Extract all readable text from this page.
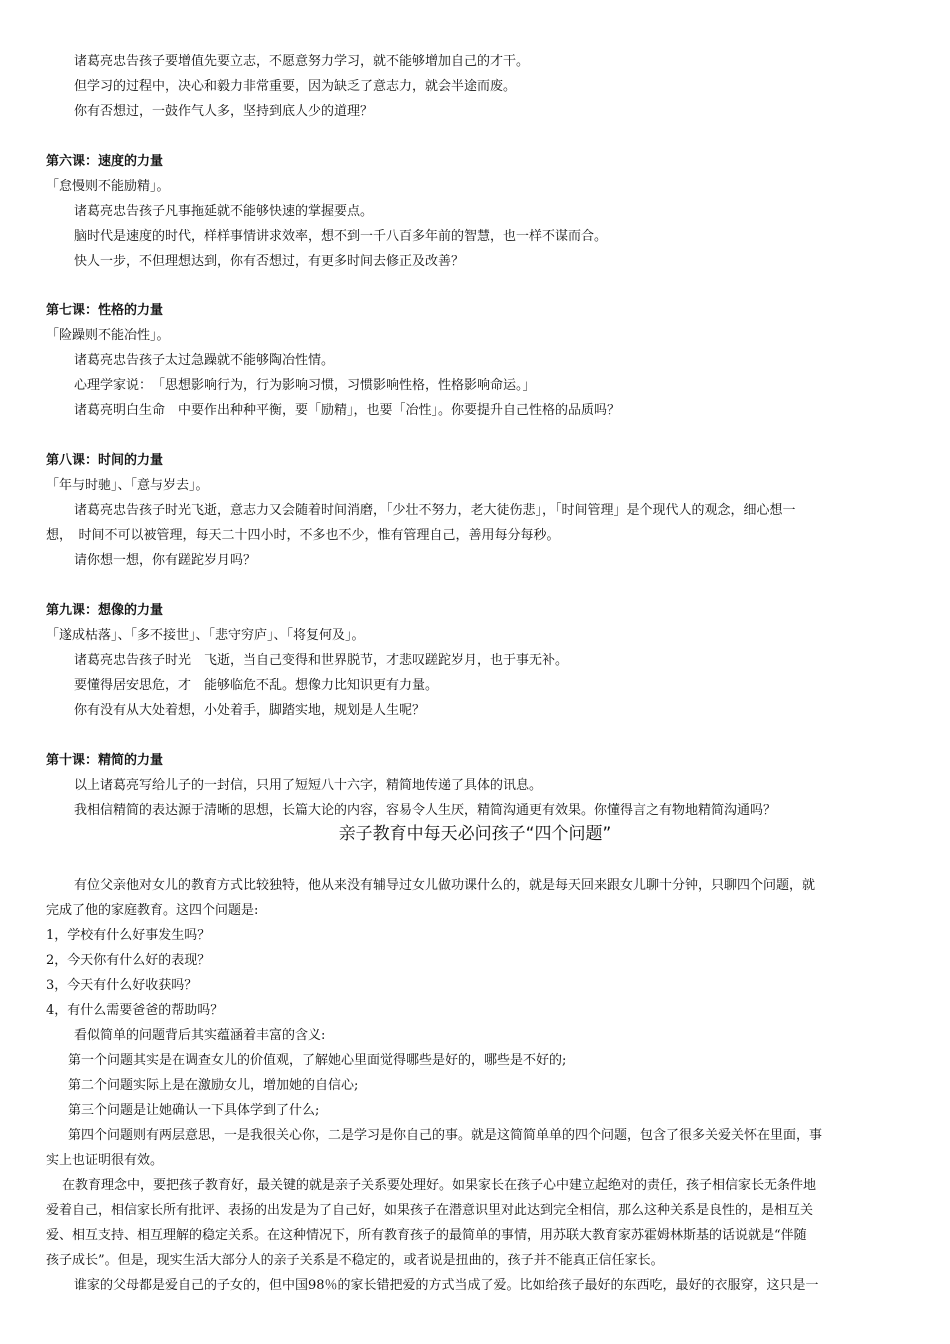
诸葛亮忠告孩子要增值先要立志，不愿意努力学习，就不能够增加自己的才干。
但学习的过程中，决心和毅力非常重要，因为缺乏了意志力，就会半途而废。
你有否想过，一鼓作气人多，坚持到底人少的道理？
第六课：速度的力量
「怠慢则不能励精」。
诸葛亮忠告孩子凡事拖延就不能够快速的掌握要点。
脑时代是速度的时代，样样事情讲求效率，想不到一千八百多年前的智慧，也一样不谋而合。
快人一步，不但理想达到，你有否想过，有更多时间去修正及改善？
第七课：性格的力量
「险躁则不能冶性」。
诸葛亮忠告孩子太过急躁就不能够陶冶性情。
心理学家说：　「思想影响行为，行为影响习惯，习惯影响性格，性格影响命运。」
诸葛亮明白生命　中要作出种种平衡，要「励精」，也要「冶性」。你要提升自己性格的品质吗？
第八课：时间的力量
「年与时驰」、「意与岁去」。
诸葛亮忠告孩子时光飞逝，意志力又会随着时间消磨，「少壮不努力，老大徒伤悲」，「时间管理」是个现代人的观念，细心想一
想，　时间不可以被管理，每天二十四小时，不多也不少，惟有管理自己，善用每分每秒。
请你想一想，你有蹉跎岁月吗？
第九课：想像的力量
「遂成枯落」、「多不接世」、「悲守穷庐」、「将复何及」。
诸葛亮忠告孩子时光　飞逝，当自己变得和世界脱节，才悲叹蹉跎岁月，也于事无补。
要懂得居安思危，才　能够临危不乱。想像力比知识更有力量。
你有没有从大处着想，小处着手，脚踏实地，规划是人生呢？
第十课：精简的力量
以上诸葛亮写给儿子的一封信，只用了短短八十六字，精简地传递了具体的讯息。
我相信精简的表达源于清晰的思想，长篇大论的内容，容易令人生厌，精简沟通更有效果。你懂得言之有物地精简沟通吗？
亲子教育中每天必问孩子“四个问题”
有位父亲他对女儿的教育方式比较独特，他从来没有辅导过女儿做功课什么的，就是每天回来跟女儿聊十分钟，只聊四个问题，就
完成了他的家庭教育。这四个问题是:
1，学校有什么好事发生吗？
2，今天你有什么好的表现？
3，今天有什么好收获吗？
4，有什么需要爸爸的帮助吗？
看似简单的问题背后其实蕴涵着丰富的含义:
第一个问题其实是在调查女儿的价值观，了解她心里面觉得哪些是好的，哪些是不好的;
第二个问题实际上是在激励女儿，增加她的自信心;
第三个问题是让她确认一下具体学到了什么;
第四个问题则有两层意思，一是我很关心你，二是学习是你自己的事。就是这简简单单的四个问题，包含了很多关爱关怀在里面，事
实上也证明很有效。
在教育理念中，要把孩子教育好，最关键的就是亲子关系要处理好。如果家长在孩子心中建立起绝对的责任，孩子相信家长无条件地
爱着自己，相信家长所有批评、表扬的出发是为了自己好，如果孩子在潜意识里对此达到完全相信，那么这种关系是良性的，是相互关
爱、相互支持、相互理解的稳定关系。在这种情况下，所有教育孩子的最简单的事情，用苏联大教育家苏霍姆林斯基的话说就是“伴随
孩子成长”。但是，现实生活大部分人的亲子关系是不稳定的，或者说是扭曲的，孩子并不能真正信任家长。
谁家的父母都是爱自己的子女的，但中国98％的家长错把爱的方式当成了爱。比如给孩子最好的东西吃，最好的衣服穿，这只是一
